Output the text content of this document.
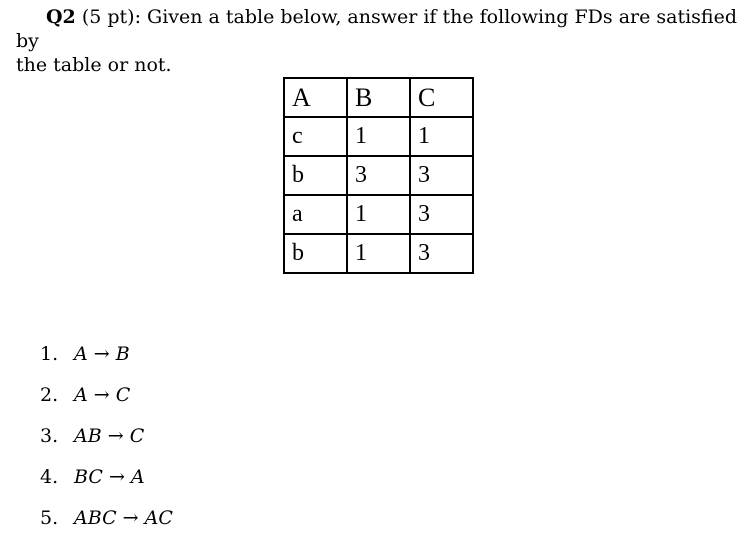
Q2 (5 pt): Given a table below, answer if the following FDs are satisfied by
the table or not.
A	B	C
c	1	1
b	3	3
a	1	3
b	1	3
1. A → B
2. A → C
3. AB → C
4. BC → A
5. ABC → AC
